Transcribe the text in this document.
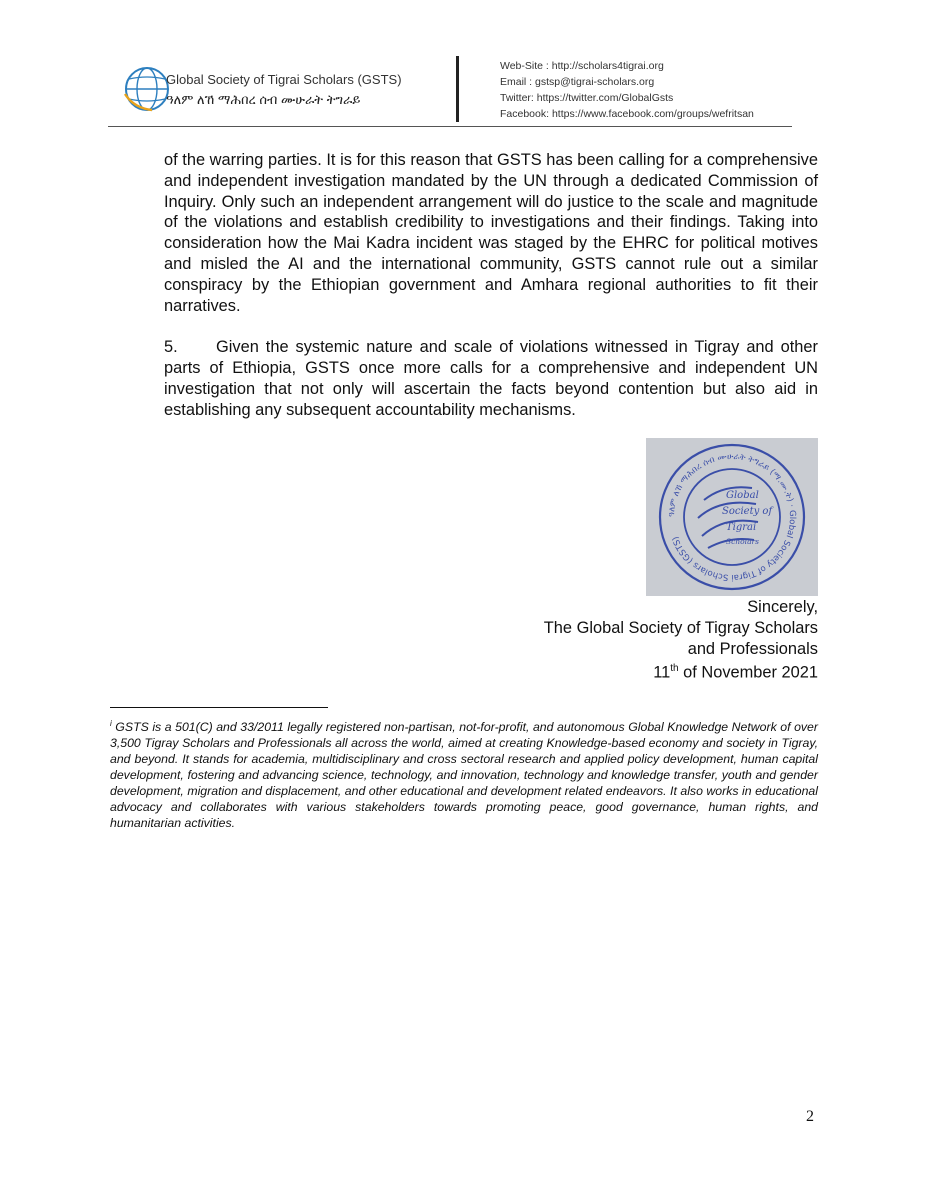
Global Society of Tigrai Scholars (GSTS)
ዓለም ለኸ ማሕበረ ሰብ ሙሁራት ትግራይ
Web-Site : http://scholars4tigrai.org
Email : gstsp@tigrai-scholars.org
Twitter: https://twitter.com/GlobalGsts
Facebook: https://www.facebook.com/groups/wefritsan

of the warring parties. It is for this reason that GSTS has been calling for a comprehensive and independent investigation mandated by the UN through a dedicated Commission of Inquiry. Only such an independent arrangement will do justice to the scale and magnitude of the violations and establish credibility to investigations and their findings. Taking into consideration how the Mai Kadra incident was staged by the EHRC for political motives and misled the AI and the international community, GSTS cannot rule out a similar conspiracy by the Ethiopian government and Amhara regional authorities to fit their narratives.

5. Given the systemic nature and scale of violations witnessed in Tigray and other parts of Ethiopia, GSTS once more calls for a comprehensive and independent UN investigation that not only will ascertain the facts beyond contention but also aid in establishing any subsequent accountability mechanisms.

ዓለም ለኸ ማሕበረ ሰብ ሙሁራት ትግራይ (ማ.ሙ.ት) · Global Society of Tigrai Scholars (GSTS)
Global
Society of
Tigrai
Scholars
Sincerely,
The Global Society of Tigray Scholars
and Professionals
11th of November 2021
$^i$ GSTS is a 501(C) and 33/2011 legally registered non-partisan, not-for-profit, and autonomous Global Knowledge Network of over 3,500 Tigray Scholars and Professionals all across the world, aimed at creating Knowledge-based economy and society in Tigray, and beyond. It stands for academia, multidisciplinary and cross sectoral research and applied policy development, human capital development, fostering and advancing science, technology, and innovation, technology and knowledge transfer, youth and gender development, migration and displacement, and other educational and development related endeavors. It also works in educational advocacy and collaborates with various stakeholders towards promoting peace, good governance, human rights, and humanitarian activities.
2
